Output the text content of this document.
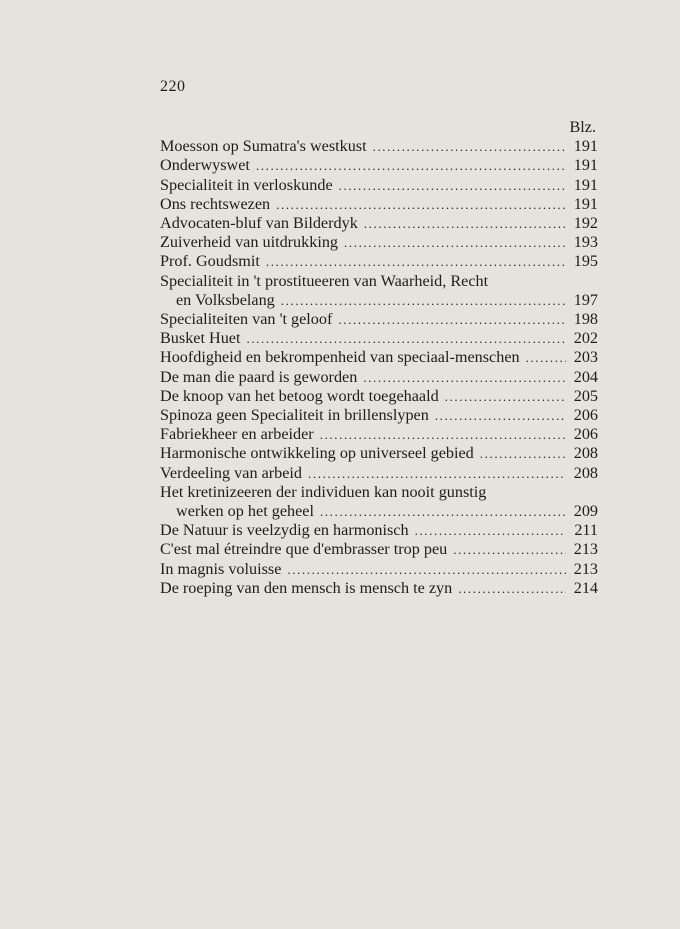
220
Blz.
Moesson op Sumatra's westkust .....	191
Onderwyswet .....	191
Specialiteit in verloskunde .....	191
Ons rechtswezen .....	191
Advocaten-bluf van Bilderdyk .....	192
Zuiverheid van uitdrukking .....	193
Prof. Goudsmit .....	195
Specialiteit in 't prostitueeren van Waarheid, Recht
en Volksbelang .....	197
Specialiteiten van 't geloof .....	198
Busket Huet .....	202
Hoofdigheid en bekrompenheid van speciaal-menschen .....	203
De man die paard is geworden .....	204
De knoop van het betoog wordt toegehaald .....	205
Spinoza geen Specialiteit in brillenslypen .....	206
Fabriekheer en arbeider .....	206
Harmonische ontwikkeling op universeel gebied .....	208
Verdeeling van arbeid .....	208
Het kretinizeeren der individuen kan nooit gunstig
werken op het geheel .....	209
De Natuur is veelzydig en harmonisch .....	211
C'est mal étreindre que d'embrasser trop peu .....	213
In magnis voluisse .....	213
De roeping van den mensch is mensch te zyn .....	214
